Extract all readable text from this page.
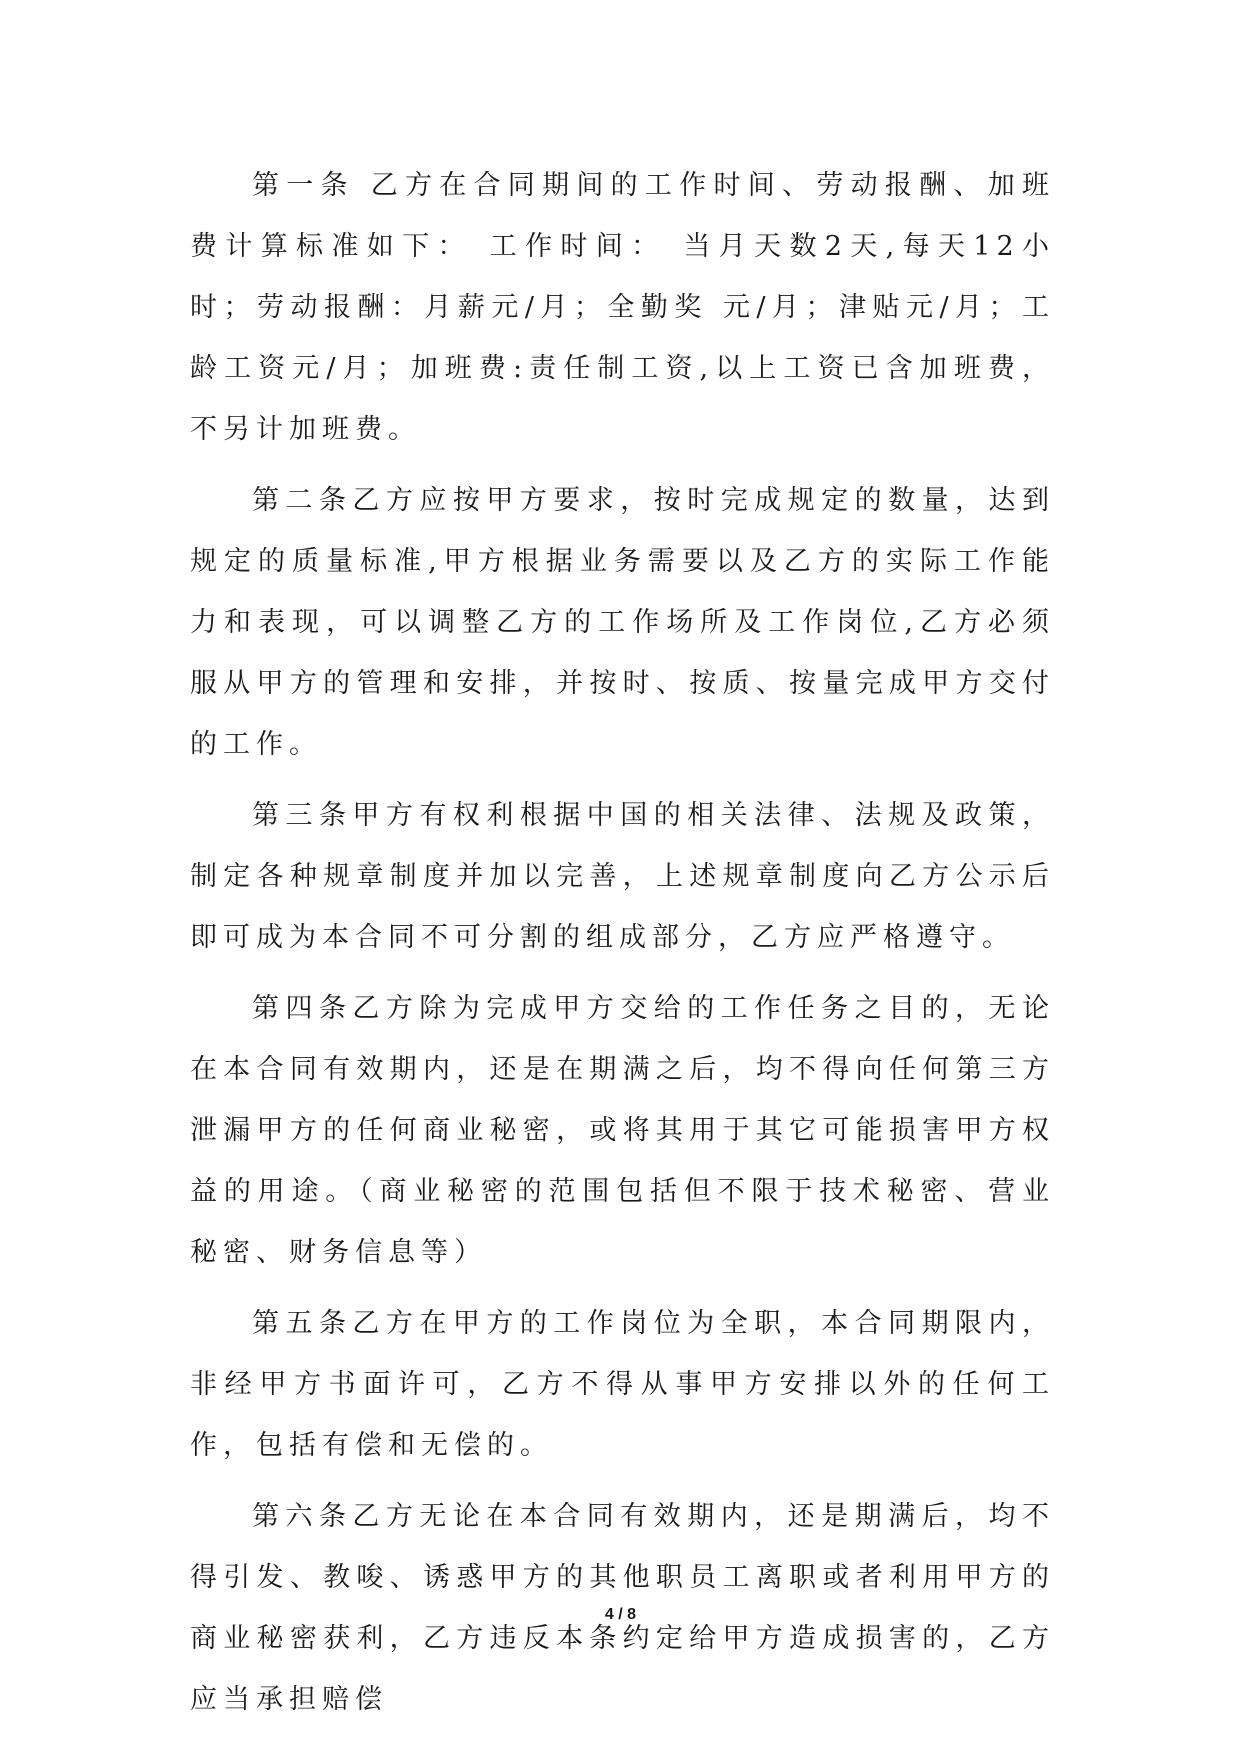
第一条 乙方在合同期间的工作时间、劳动报酬、加班费计算标准如下： 工作时间： 当月天数2天,每天12小时；劳动报酬：月薪元/月；全勤奖 元/月；津贴元/月；工龄工资元/月；加班费:责任制工资,以上工资已含加班费，不另计加班费。

第二条乙方应按甲方要求，按时完成规定的数量，达到规定的质量标准,甲方根据业务需要以及乙方的实际工作能力和表现，可以调整乙方的工作场所及工作岗位,乙方必须服从甲方的管理和安排，并按时、按质、按量完成甲方交付的工作。

第三条甲方有权利根据中国的相关法律、法规及政策，制定各种规章制度并加以完善，上述规章制度向乙方公示后即可成为本合同不可分割的组成部分，乙方应严格遵守。

第四条乙方除为完成甲方交给的工作任务之目的，无论在本合同有效期内，还是在期满之后，均不得向任何第三方泄漏甲方的任何商业秘密，或将其用于其它可能损害甲方权益的用途。（商业秘密的范围包括但不限于技术秘密、营业秘密、财务信息等）

第五条乙方在甲方的工作岗位为全职，本合同期限内，非经甲方书面许可，乙方不得从事甲方安排以外的任何工作，包括有偿和无偿的。

第六条乙方无论在本合同有效期内，还是期满后，均不得引发、教唆、诱惑甲方的其他职员工离职或者利用甲方的商业秘密获利，乙方违反本条约定给甲方造成损害的，乙方应当承担赔偿

4 / 8
